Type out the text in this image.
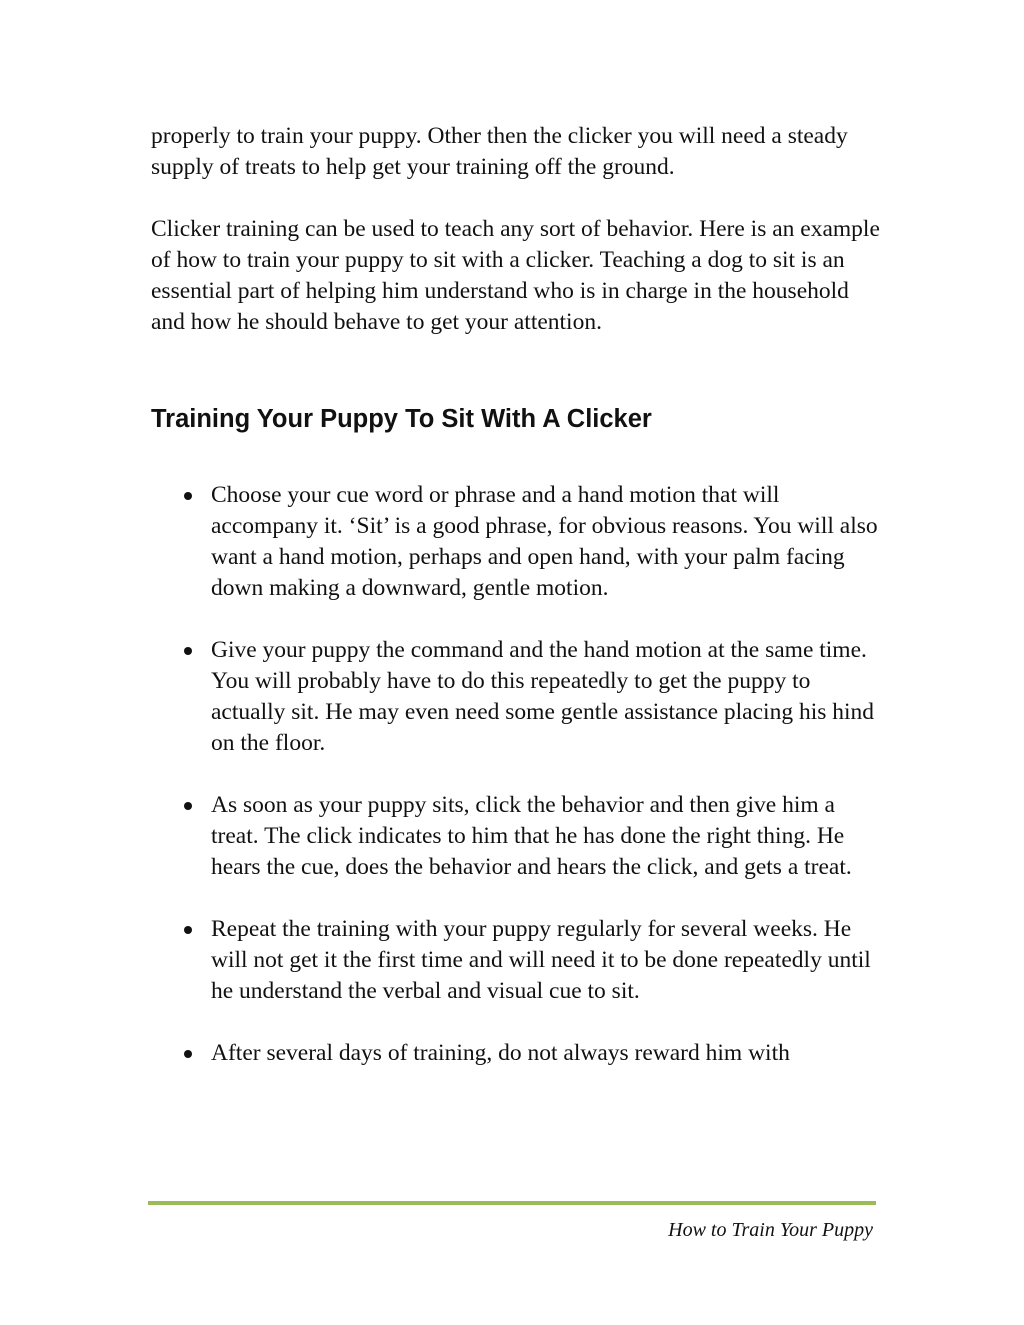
properly to train your puppy. Other then the clicker you will need a steady supply of treats to help get your training off the ground.

Clicker training can be used to teach any sort of behavior. Here is an example of how to train your puppy to sit with a clicker. Teaching a dog to sit is an essential part of helping him understand who is in charge in the household and how he should behave to get your attention.

Training Your Puppy To Sit With A Clicker
Choose your cue word or phrase and a hand motion that will accompany it. ‘Sit’ is a good phrase, for obvious reasons. You will also want a hand motion, perhaps and open hand, with your palm facing down making a downward, gentle motion.
Give your puppy the command and the hand motion at the same time. You will probably have to do this repeatedly to get the puppy to actually sit. He may even need some gentle assistance placing his hind on the floor.
As soon as your puppy sits, click the behavior and then give him a treat. The click indicates to him that he has done the right thing. He hears the cue, does the behavior and hears the click, and gets a treat.
Repeat the training with your puppy regularly for several weeks. He will not get it the first time and will need it to be done repeatedly until he understand the verbal and visual cue to sit.
After several days of training, do not always reward him with
How to Train Your Puppy
